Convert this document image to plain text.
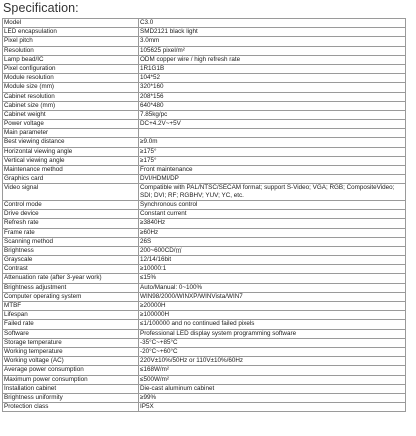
Specification:
Model	C3.0
LED encapsulation	SMD2121 black light
Pixel pitch	3.0mm
Resolution	105625 pixel/m²
Lamp bead/IC	ODM copper wire / high refresh rate
Pixel configuration	1R1G1B
Module resolution	104*52
Module size (mm)	320*160
Cabinet resolution	208*156
Cabinet size (mm)	640*480
Cabinet weight	7.85kg/pc
Power voltage	DC+4.2V~+5V
Main parameter	
Best viewing distance	≥9.0m
Horizontal viewing angle	≥175°
Vertical viewing angle	≥175°
Maintenance method	Front maintenance
Graphics card	DVI/HDMI/DP
Video signal	Compatible with PAL/NTSC/SECAM format; support S-Video; VGA; RGB; CompositeVideo; SDI; DVI; RF; RGBHV; YUV; YC, etc.
Control mode	Synchronous control
Drive device	Constant current
Refresh rate	≥3840Hz
Frame rate	≥60Hz
Scanning method	26S
Brightness	200~600CD/㎡
Grayscale	12/14/16bit
Contrast	≥10000:1
Attenuation rate (after 3-year work)	≤15%
Brightness adjustment	Auto/Manual: 0~100%
Computer operating system	WIN98/2000/WINXP/WINVista/WIN7
MTBF	≥20000H
Lifespan	≥100000H
Failed rate	≤1/100000 and no continued failed pixels
Software	Professional LED display system programming software
Storage temperature	-35°C~+85°C
Working temperature	-20°C~+60°C
Working voltage (AC)	220V±10%/50Hz or 110V±10%/60Hz
Average power consumption	≤168W/m²
Maximum power consumption	≤500W/m²
Installation cabinet	Die-cast aluminum cabinet
Brightness uniformity	≥99%
Protection class	IP5X
